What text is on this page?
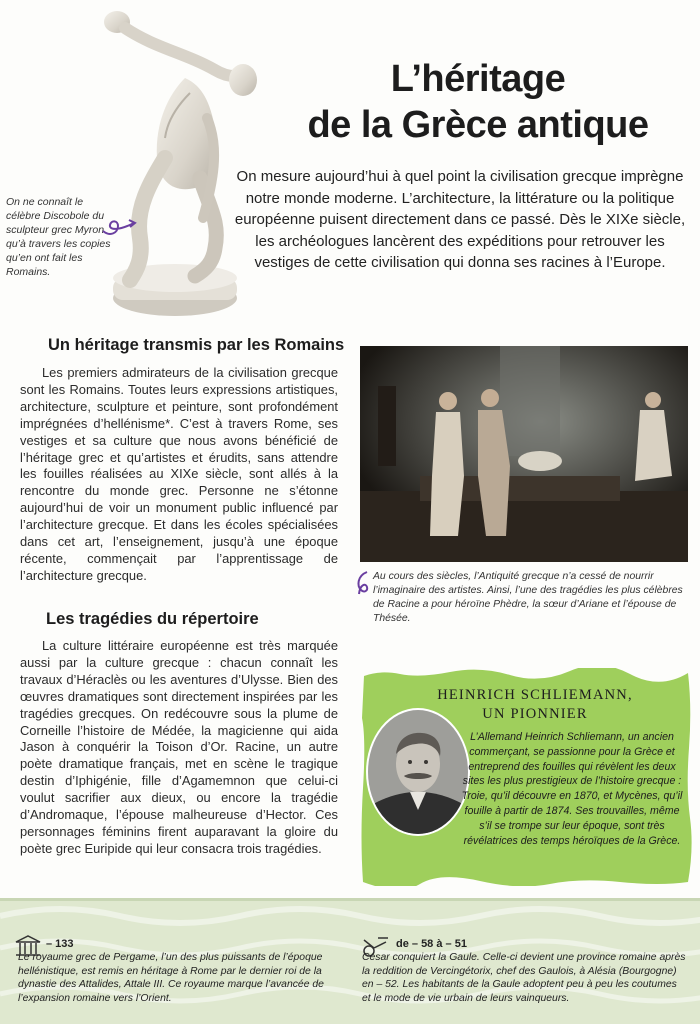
On ne connaît le célèbre Discobole du sculpteur grec Myron qu’à travers les copies qu’en ont fait les Romains.
L’héritage
de la Grèce antique
On mesure aujourd’hui à quel point la civilisation grecque imprègne notre monde moderne. L’architecture, la littérature ou la politique européenne puisent directement dans ce passé. Dès le XIXe siècle, les archéologues lancèrent des expéditions pour retrouver les vestiges de cette civilisation qui donna ses racines à l’Europe.
Un héritage transmis par les Romains
Les premiers admirateurs de la civilisation grecque sont les Romains. Toutes leurs expressions artistiques, architecture, sculpture et peinture, sont profondément imprégnées d’hellénisme*. C’est à travers Rome, ses vestiges et sa culture que nous avons bénéficié de l’héritage grec et qu’artistes et érudits, sans attendre les fouilles réalisées au XIXe siècle, sont allés à la rencontre du monde grec. Personne ne s’étonne aujourd’hui de voir un monument public influencé par l’architecture grecque. Et dans les écoles spécialisées dans cet art, l’enseignement, jusqu’à une époque récente, commençait par l’apprentissage de l’architecture grecque.	Au cours des siècles, l’Antiquité grecque n’a cessé de nourrir l’imaginaire des artistes. Ainsi, l’une des tragédies les plus célèbres de Racine a pour héroïne Phèdre, la sœur d’Ariane et l’épouse de Thésée.
Les tragédies du répertoire
La culture littéraire européenne est très marquée aussi par la culture grecque : chacun connaît les travaux d’Héraclès ou les aventures d’Ulysse. Bien des œuvres dramatiques sont directement inspirées par les tragédies grecques. On redécouvre sous la plume de Corneille l’histoire de Médée, la magicienne qui aida Jason à conquérir la Toison d’Or. Racine, un autre poète dramatique français, met en scène le tragique destin d’Iphigénie, fille d’Agamemnon que celui-ci voulut sacrifier aux dieux, ou encore la tragédie d’Andromaque, l’épouse malheureuse d’Hector. Ces personnages féminins firent auparavant la gloire du poète grec Euripide qui leur consacra trois tragédies.
HEINRICH SCHLIEMANN,
UN PIONNIER
L’Allemand Heinrich Schliemann, un ancien commerçant, se passionne pour la Grèce et entreprend des fouilles qui révèlent les deux sites les plus prestigieux de l’histoire grecque : Troie, qu’il découvre en 1870, et Mycènes, qu’il fouille à partir de 1874. Ses trouvailles, même s’il se trompe sur leur époque, sont très révélatrices des temps héroïques de la Grèce.
– 133
Le royaume grec de Pergame, l’un des plus puissants de l’époque hellénistique, est remis en héritage à Rome par le dernier roi de la dynastie des Attalides, Attale III. Ce royaume marque l’avancée de l’expansion romaine vers l’Orient.
de – 58 à – 51
César conquiert la Gaule. Celle-ci devient une province romaine après la reddition de Vercingétorix, chef des Gaulois, à Alésia (Bourgogne) en – 52. Les habitants de la Gaule adoptent peu à peu les coutumes et le mode de vie urbain de leurs vainqueurs.
